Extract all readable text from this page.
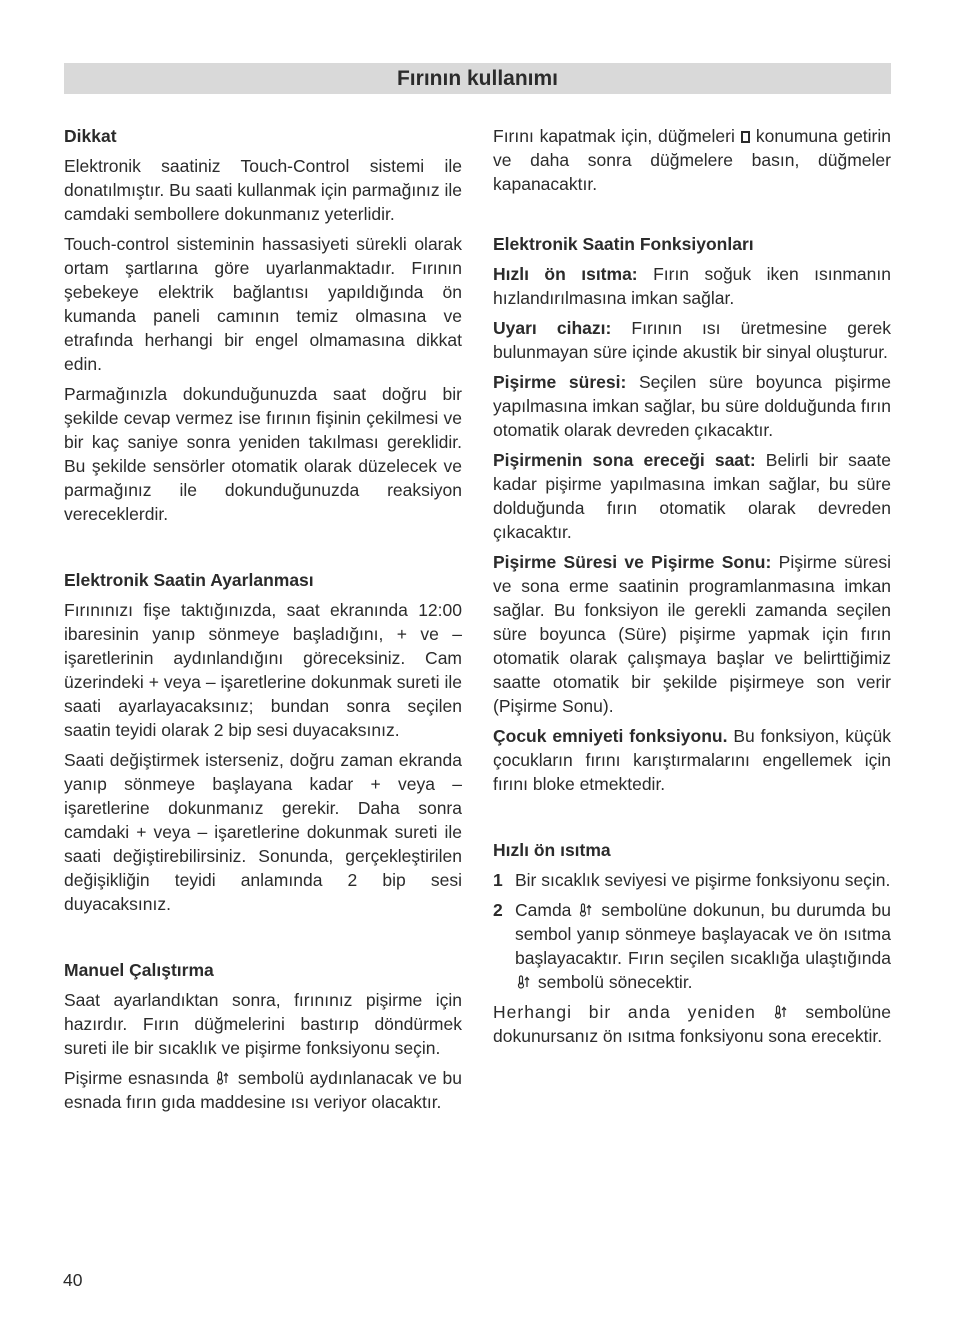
Fırının kullanımı
Dikkat

Elektronik saatiniz Touch-Control sistemi ile donatılmıştır. Bu saati kullanmak için parmağınız ile camdaki sembollere dokunmanız yeterlidir.

Touch-control sisteminin hassasiyeti sürekli olarak ortam şartlarına göre uyarlanmaktadır. Fırının şebekeye elektrik bağlantısı yapıldığında ön kumanda paneli camının temiz olmasına ve etrafında herhangi bir engel olmamasına dikkat edin.

Parmağınızla dokunduğunuzda saat doğru bir şekilde cevap vermez ise fırının fişinin çekilmesi ve bir kaç saniye sonra yeniden takılması gereklidir. Bu şekilde sensörler otomatik olarak düzelecek ve parmağınız ile dokunduğunuzda reaksiyon vereceklerdir.

Elektronik Saatin Ayarlanması

Fırınınızı fişe taktığınızda, saat ekranında 12:00 ibaresinin yanıp sönmeye başladığını, + ve – işaretlerinin aydınlandığını göreceksiniz. Cam üzerindeki + veya – işaretlerine dokunmak sureti ile saati ayarlayacaksınız; bundan sonra seçilen saatin teyidi olarak 2 bip sesi duyacaksınız.

Saati değiştirmek isterseniz, doğru zaman ekranda yanıp sönmeye başlayana kadar + veya – işaretlerine dokunmanız gerekir. Daha sonra camdaki + veya – işaretlerine dokunmak sureti ile saati değiştirebilirsiniz. Sonunda, gerçekleştirilen değişikliğin teyidi anlamında 2 bip sesi duyacaksınız.

Manuel Çalıştırma

Saat ayarlandıktan sonra, fırınınız pişirme için hazırdır. Fırın düğmelerini bastırıp döndürmek sureti ile bir sıcaklık ve pişirme fonksiyonu seçin.

Pişirme esnasında sembolü aydınlanacak ve bu esnada fırın gıda maddesine ısı veriyor olacaktır.

Fırını kapatmak için, düğmeleri konumuna getirin ve daha sonra düğmelere basın, düğmeler kapanacaktır.

Elektronik Saatin Fonksiyonları

Hızlı ön ısıtma: Fırın soğuk iken ısınmanın hızlandırılmasına imkan sağlar.

Uyarı cihazı: Fırının ısı üretmesine gerek bulunmayan süre içinde akustik bir sinyal oluşturur.

Pişirme süresi: Seçilen süre boyunca pişirme yapılmasına imkan sağlar, bu süre dolduğunda fırın otomatik olarak devreden çıkacaktır.

Pişirmenin sona ereceği saat: Belirli bir saate kadar pişirme yapılmasına imkan sağlar, bu süre dolduğunda fırın otomatik olarak devreden çıkacaktır.

Pişirme Süresi ve Pişirme Sonu: Pişirme süresi ve sona erme saatinin programlanmasına imkan sağlar. Bu fonksiyon ile gerekli zamanda seçilen süre boyunca (Süre) pişirme yapmak için fırın otomatik olarak çalışmaya başlar ve belirttiğimiz saatte otomatik bir şekilde pişirmeye son verir (Pişirme Sonu).

Çocuk emniyeti fonksiyonu. Bu fonksiyon, küçük çocukların fırını karıştırmalarını engellemek için fırını bloke etmektedir.

Hızlı ön ısıtma
1 Bir sıcaklık seviyesi ve pişirme fonksiyonu seçin.
2 Camda sembolüne dokunun, bu durumda bu sembol yanıp sönmeye başlayacak ve ön ısıtma başlayacaktır. Fırın seçilen sıcaklığa ulaştığında  sembolü sönecektir.

Herhangi bir anda yeniden	sembolüne dokunursanız ön ısıtma fonksiyonu sona erecektir.

40
